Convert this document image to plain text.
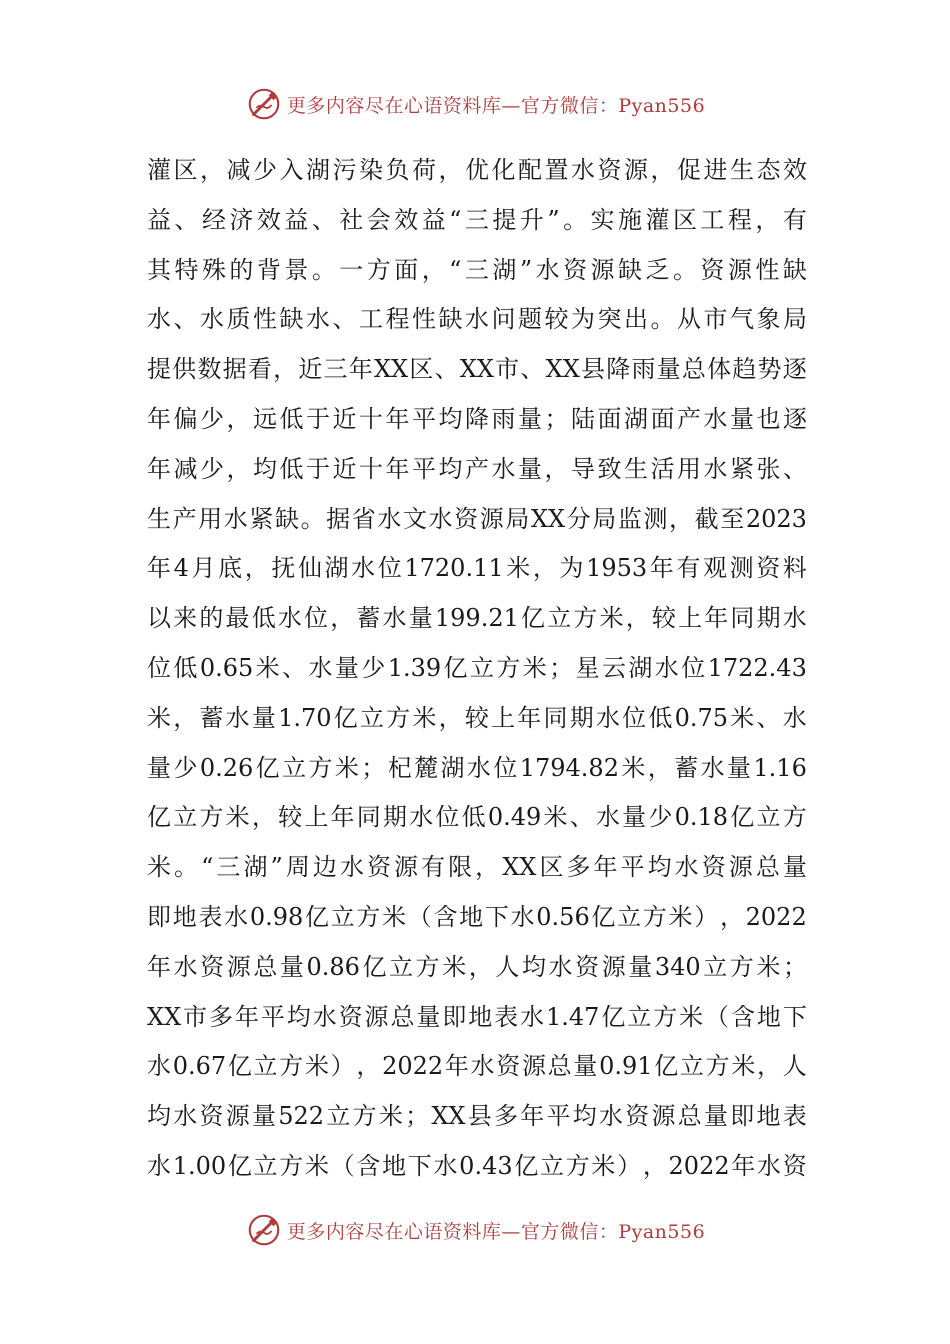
更多内容尽在心语资料库—官方微信：Pyan556
灌 区 ， 减 少 入 湖 污 染 负 荷 ， 优 化 配 置 水 资 源 ， 促 进 生 态 效
益 、 经 济 效 益 、 社 会 效 益 “ 三 提 升 ” 。 实 施 灌 区 工 程 ， 有
其 特 殊 的 背 景 。 一 方 面 ， “ 三 湖 ” 水 资 源 缺 乏 。 资 源 性 缺
水 、 水 质 性 缺 水 、 工 程 性 缺 水 问 题 较 为 突 出 。 从 市 气 象 局
提 供 数 据 看 ， 近 三 年 XX 区 、 XX 市 、 XX 县 降 雨 量 总 体 趋 势 逐
年 偏 少 ， 远 低 于 近 十 年 平 均 降 雨 量 ； 陆 面 湖 面 产 水 量 也 逐
年 减 少 ， 均 低 于 近 十 年 平 均 产 水 量 ， 导 致 生 活 用 水 紧 张 、
生 产 用 水 紧 缺 。 据 省 水 文 水 资 源 局 XX 分 局 监 测 ， 截 至 2023
年 4 月 底 ， 抚 仙 湖 水 位 1720.11 米 ， 为 1953 年 有 观 测 资 料
以 来 的 最 低 水 位 ， 蓄 水 量 199.21 亿 立 方 米 ， 较 上 年 同 期 水
位 低 0.65 米 、 水 量 少 1.39 亿 立 方 米 ； 星 云 湖 水 位 1722.43
米 ， 蓄 水 量 1.70 亿 立 方 米 ， 较 上 年 同 期 水 位 低 0.75 米 、 水
量 少 0.26 亿 立 方 米 ； 杞 麓 湖 水 位 1794.82 米 ， 蓄 水 量 1.16
亿 立 方 米 ， 较 上 年 同 期 水 位 低 0.49 米 、 水 量 少 0.18 亿 立 方
米 。 “ 三 湖 ” 周 边 水 资 源 有 限 ， XX 区 多 年 平 均 水 资 源 总 量
即 地 表 水 0.98 亿 立 方 米 （ 含 地 下 水 0.56 亿 立 方 米 ） ， 2022
年 水 资 源 总 量 0.86 亿 立 方 米 ， 人 均 水 资 源 量 340 立 方 米 ；
XX 市 多 年 平 均 水 资 源 总 量 即 地 表 水 1.47 亿 立 方 米 （ 含 地 下
水 0.67 亿 立 方 米 ） ， 2022 年 水 资 源 总 量 0.91 亿 立 方 米 ， 人
均 水 资 源 量 522 立 方 米 ； XX 县 多 年 平 均 水 资 源 总 量 即 地 表
水 1.00 亿 立 方 米 （ 含 地 下 水 0.43 亿 立 方 米 ） ， 2022 年 水 资
更多内容尽在心语资料库—官方微信：Pyan556
